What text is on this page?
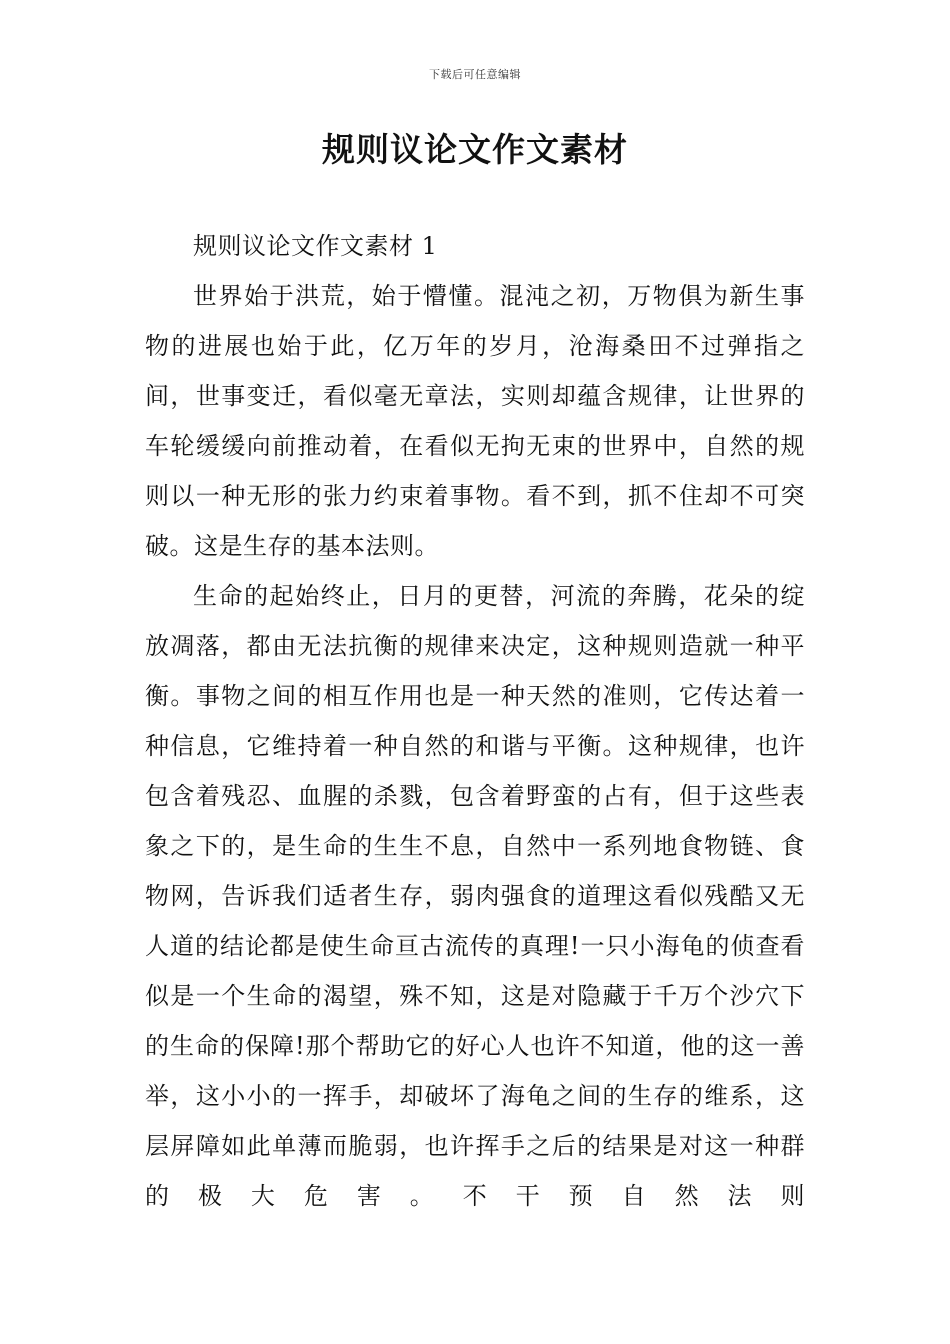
下载后可任意编辑
规则议论文作文素材

规则议论文作文素材 1

世界始于洪荒，始于懵懂。混沌之初，万物俱为新生事物的进展也始于此，亿万年的岁月，沧海桑田不过弹指之间，世事变迁，看似毫无章法，实则却蕴含规律，让世界的车轮缓缓向前推动着，在看似无拘无束的世界中，自然的规则以一种无形的张力约束着事物。看不到，抓不住却不可突破。这是生存的基本法则。

生命的起始终止，日月的更替，河流的奔腾，花朵的绽放凋落，都由无法抗衡的规律来决定，这种规则造就一种平衡。事物之间的相互作用也是一种天然的准则，它传达着一种信息，它维持着一种自然的和谐与平衡。这种规律，也许包含着残忍、血腥的杀戮，包含着野蛮的占有，但于这些表象之下的，是生命的生生不息，自然中一系列地食物链、食物网，告诉我们适者生存，弱肉强食的道理这看似残酷又无人道的结论都是使生命亘古流传的真理!一只小海龟的侦查看似是一个生命的渴望，殊不知，这是对隐藏于千万个沙穴下的生命的保障!那个帮助它的好心人也许不知道，他的这一善举，这小小的一挥手，却破坏了海龟之间的生存的维系，这层屏障如此单薄而脆弱，也许挥手之后的结果是对这一种群的极大危害。不干预自然法则
